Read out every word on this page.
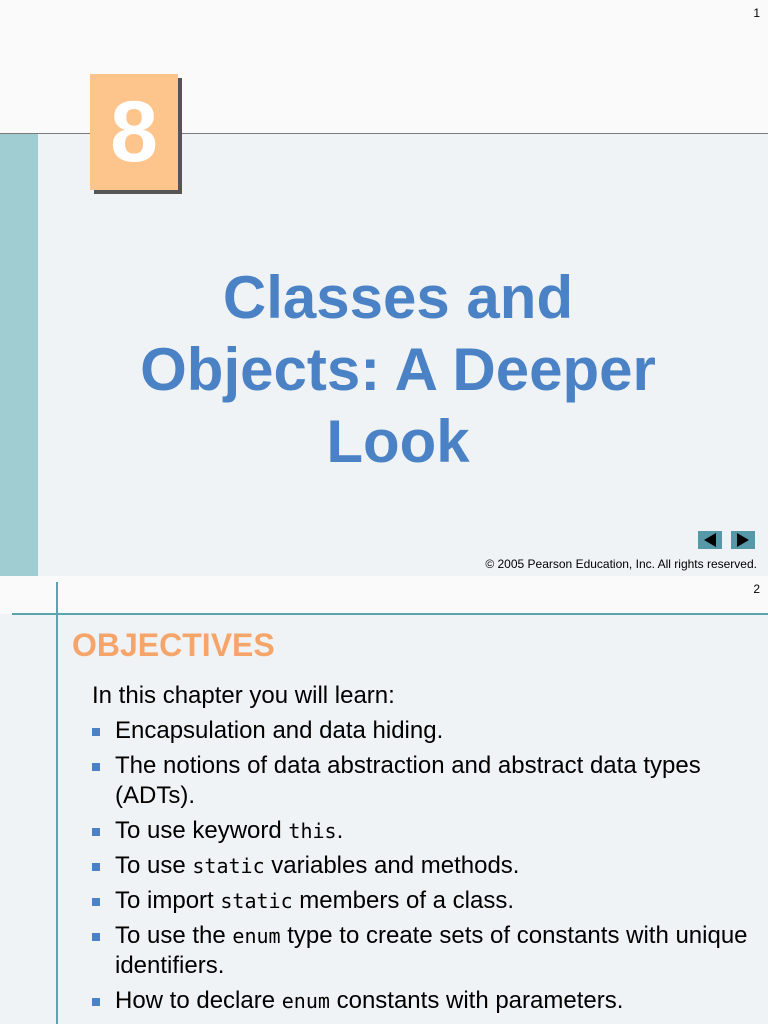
1
8
Classes and
Objects: A Deeper
Look
© 2005 Pearson Education, Inc. All rights reserved.
2
OBJECTIVES
In this chapter you will learn:
Encapsulation and data hiding.
The notions of data abstraction and abstract data types (ADTs).
To use keyword this.
To use static variables and methods.
To import static members of a class.
To use the enum type to create sets of constants with unique identifiers.
How to declare enum constants with parameters.
